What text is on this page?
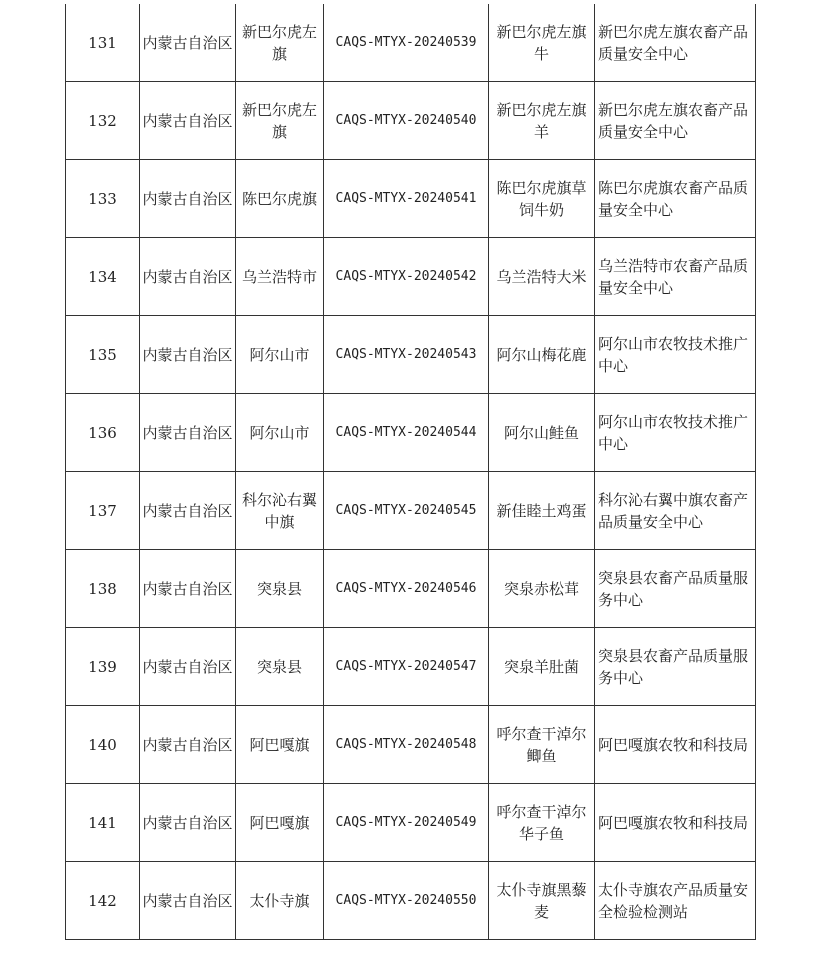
131	内蒙古自治区	新巴尔虎左旗	CAQS-MTYX-20240539	新巴尔虎左旗牛	新巴尔虎左旗农畜产品质量安全中心
132	内蒙古自治区	新巴尔虎左旗	CAQS-MTYX-20240540	新巴尔虎左旗羊	新巴尔虎左旗农畜产品质量安全中心
133	内蒙古自治区	陈巴尔虎旗	CAQS-MTYX-20240541	陈巴尔虎旗草饲牛奶	陈巴尔虎旗农畜产品质量安全中心
134	内蒙古自治区	乌兰浩特市	CAQS-MTYX-20240542	乌兰浩特大米	乌兰浩特市农畜产品质量安全中心
135	内蒙古自治区	阿尔山市	CAQS-MTYX-20240543	阿尔山梅花鹿	阿尔山市农牧技术推广中心
136	内蒙古自治区	阿尔山市	CAQS-MTYX-20240544	阿尔山鲑鱼	阿尔山市农牧技术推广中心
137	内蒙古自治区	科尔沁右翼中旗	CAQS-MTYX-20240545	新佳睦土鸡蛋	科尔沁右翼中旗农畜产品质量安全中心
138	内蒙古自治区	突泉县	CAQS-MTYX-20240546	突泉赤松茸	突泉县农畜产品质量服务中心
139	内蒙古自治区	突泉县	CAQS-MTYX-20240547	突泉羊肚菌	突泉县农畜产品质量服务中心
140	内蒙古自治区	阿巴嘎旗	CAQS-MTYX-20240548	呼尔查干淖尔鲫鱼	阿巴嘎旗农牧和科技局
141	内蒙古自治区	阿巴嘎旗	CAQS-MTYX-20240549	呼尔查干淖尔华子鱼	阿巴嘎旗农牧和科技局
142	内蒙古自治区	太仆寺旗	CAQS-MTYX-20240550	太仆寺旗黑藜麦	太仆寺旗农产品质量安全检验检测站
